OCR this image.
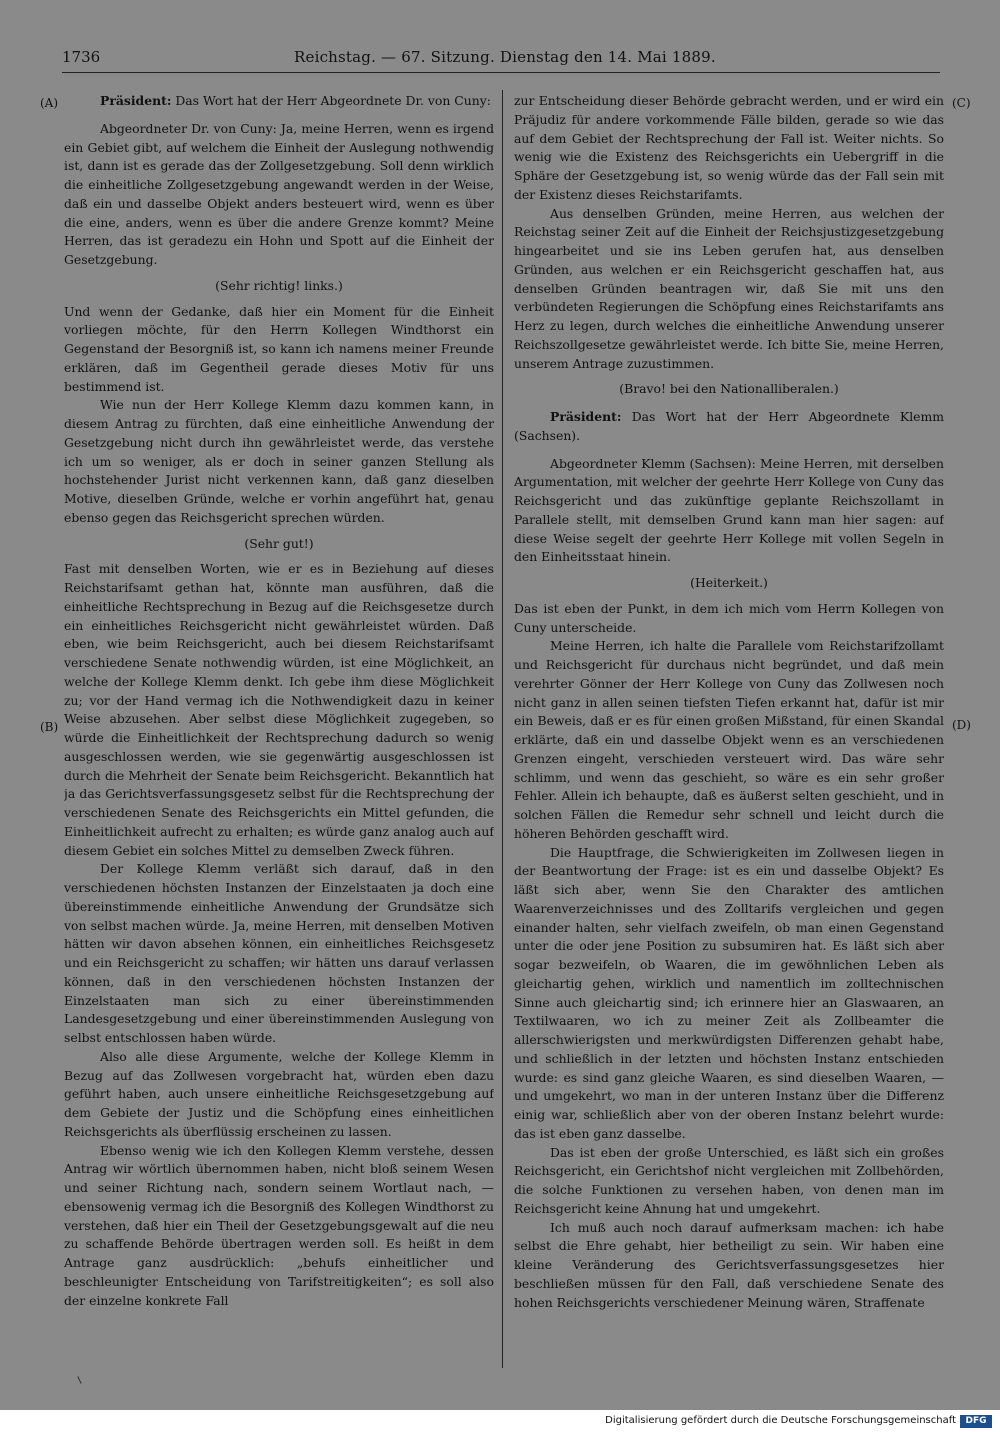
1736	Reichstag. — 67. Sitzung. Dienstag den 14. Mai 1889.
(A)
(B)
(C)
(D)

Präsident: Das Wort hat der Herr Abgeordnete Dr. von Cuny:

Abgeordneter Dr. von Cuny: Ja, meine Herren, wenn es irgend ein Gebiet gibt, auf welchem die Einheit der Auslegung nothwendig ist, dann ist es gerade das der Zollgesetzgebung. Soll denn wirklich die einheitliche Zollgesetzgebung angewandt werden in der Weise, daß ein und dasselbe Objekt anders besteuert wird, wenn es über die eine, anders, wenn es über die andere Grenze kommt? Meine Herren, das ist geradezu ein Hohn und Spott auf die Einheit der Gesetzgebung.

(Sehr richtig! links.)

Und wenn der Gedanke, daß hier ein Moment für die Einheit vorliegen möchte, für den Herrn Kollegen Windthorst ein Gegenstand der Besorgniß ist, so kann ich namens meiner Freunde erklären, daß im Gegentheil gerade dieses Motiv für uns bestimmend ist.

Wie nun der Herr Kollege Klemm dazu kommen kann, in diesem Antrag zu fürchten, daß eine einheitliche Anwendung der Gesetzgebung nicht durch ihn gewährleistet werde, das verstehe ich um so weniger, als er doch in seiner ganzen Stellung als hochstehender Jurist nicht verkennen kann, daß ganz dieselben Motive, dieselben Gründe, welche er vorhin angeführt hat, genau ebenso gegen das Reichsgericht sprechen würden.

(Sehr gut!)

Fast mit denselben Worten, wie er es in Beziehung auf dieses Reichstarifsamt gethan hat, könnte man ausführen, daß die einheitliche Rechtsprechung in Bezug auf die Reichsgesetze durch ein einheitliches Reichsgericht nicht gewährleistet würden. Daß eben, wie beim Reichsgericht, auch bei diesem Reichstarifsamt verschiedene Senate nothwendig würden, ist eine Möglichkeit, an welche der Kollege Klemm denkt. Ich gebe ihm diese Möglichkeit zu; vor der Hand vermag ich die Nothwendigkeit dazu in keiner Weise abzusehen. Aber selbst diese Möglichkeit zugegeben, so würde die Einheitlichkeit der Rechtsprechung dadurch so wenig ausgeschlossen werden, wie sie gegenwärtig ausgeschlossen ist durch die Mehrheit der Senate beim Reichsgericht. Bekanntlich hat ja das Gerichtsverfassungsgesetz selbst für die Rechtsprechung der verschiedenen Senate des Reichsgerichts ein Mittel gefunden, die Einheitlichkeit aufrecht zu erhalten; es würde ganz analog auch auf diesem Gebiet ein solches Mittel zu demselben Zweck führen.

Der Kollege Klemm verläßt sich darauf, daß in den verschiedenen höchsten Instanzen der Einzelstaaten ja doch eine übereinstimmende einheitliche Anwendung der Grundsätze sich von selbst machen würde. Ja, meine Herren, mit denselben Motiven hätten wir davon absehen können, ein einheitliches Reichsgesetz und ein Reichsgericht zu schaffen; wir hätten uns darauf verlassen können, daß in den verschiedenen höchsten Instanzen der Einzelstaaten man sich zu einer übereinstimmenden Landesgesetzgebung und einer übereinstimmenden Auslegung von selbst entschlossen haben würde.

Also alle diese Argumente, welche der Kollege Klemm in Bezug auf das Zollwesen vorgebracht hat, würden eben dazu geführt haben, auch unsere einheitliche Reichsgesetzgebung auf dem Gebiete der Justiz und die Schöpfung eines einheitlichen Reichsgerichts als überflüssig erscheinen zu lassen.

Ebenso wenig wie ich den Kollegen Klemm verstehe, dessen Antrag wir wörtlich übernommen haben, nicht bloß seinem Wesen und seiner Richtung nach, sondern seinem Wortlaut nach, — ebensowenig vermag ich die Besorgniß des Kollegen Windthorst zu verstehen, daß hier ein Theil der Gesetzgebungsgewalt auf die neu zu schaffende Behörde übertragen werden soll. Es heißt in dem Antrage ganz ausdrücklich: „behufs einheitlicher und beschleunigter Entscheidung von Tarifstreitigkeiten“; es soll also der einzelne konkrete Fall

zur Entscheidung dieser Behörde gebracht werden, und er wird ein Präjudiz für andere vorkommende Fälle bilden, gerade so wie das auf dem Gebiet der Rechtsprechung der Fall ist. Weiter nichts. So wenig wie die Existenz des Reichsgerichts ein Uebergriff in die Sphäre der Gesetzgebung ist, so wenig würde das der Fall sein mit der Existenz dieses Reichstarifamts.

Aus denselben Gründen, meine Herren, aus welchen der Reichstag seiner Zeit auf die Einheit der Reichsjustizgesetzgebung hingearbeitet und sie ins Leben gerufen hat, aus denselben Gründen, aus welchen er ein Reichsgericht geschaffen hat, aus denselben Gründen beantragen wir, daß Sie mit uns den verbündeten Regierungen die Schöpfung eines Reichstarifamts ans Herz zu legen, durch welches die einheitliche Anwendung unserer Reichszollgesetze gewährleistet werde. Ich bitte Sie, meine Herren, unserem Antrage zuzustimmen.

(Bravo! bei den Nationalliberalen.)

Präsident: Das Wort hat der Herr Abgeordnete Klemm (Sachsen).

Abgeordneter Klemm (Sachsen): Meine Herren, mit derselben Argumentation, mit welcher der geehrte Herr Kollege von Cuny das Reichsgericht und das zukünftige geplante Reichszollamt in Parallele stellt, mit demselben Grund kann man hier sagen: auf diese Weise segelt der geehrte Herr Kollege mit vollen Segeln in den Einheitsstaat hinein.

(Heiterkeit.)

Das ist eben der Punkt, in dem ich mich vom Herrn Kollegen von Cuny unterscheide.

Meine Herren, ich halte die Parallele vom Reichstarifzollamt und Reichsgericht für durchaus nicht begründet, und daß mein verehrter Gönner der Herr Kollege von Cuny das Zollwesen noch nicht ganz in allen seinen tiefsten Tiefen erkannt hat, dafür ist mir ein Beweis, daß er es für einen großen Mißstand, für einen Skandal erklärte, daß ein und dasselbe Objekt wenn es an verschiedenen Grenzen eingeht, verschieden versteuert wird. Das wäre sehr schlimm, und wenn das geschieht, so wäre es ein sehr großer Fehler. Allein ich behaupte, daß es äußerst selten geschieht, und in solchen Fällen die Remedur sehr schnell und leicht durch die höheren Behörden geschafft wird.

Die Hauptfrage, die Schwierigkeiten im Zollwesen liegen in der Beantwortung der Frage: ist es ein und dasselbe Objekt? Es läßt sich aber, wenn Sie den Charakter des amtlichen Waarenverzeichnisses und des Zolltarifs vergleichen und gegen einander halten, sehr vielfach zweifeln, ob man einen Gegenstand unter die oder jene Position zu subsumiren hat. Es läßt sich aber sogar bezweifeln, ob Waaren, die im gewöhnlichen Leben als gleichartig gehen, wirklich und namentlich im zolltechnischen Sinne auch gleichartig sind; ich erinnere hier an Glaswaaren, an Textilwaaren, wo ich zu meiner Zeit als Zollbeamter die allerschwierigsten und merkwürdigsten Differenzen gehabt habe, und schließlich in der letzten und höchsten Instanz entschieden wurde: es sind ganz gleiche Waaren, es sind dieselben Waaren, — und umgekehrt, wo man in der unteren Instanz über die Differenz einig war, schließlich aber von der oberen Instanz belehrt wurde: das ist eben ganz dasselbe.

Das ist eben der große Unterschied, es läßt sich ein großes Reichsgericht, ein Gerichtshof nicht vergleichen mit Zollbehörden, die solche Funktionen zu versehen haben, von denen man im Reichsgericht keine Ahnung hat und umgekehrt.

Ich muß auch noch darauf aufmerksam machen: ich habe selbst die Ehre gehabt, hier betheiligt zu sein. Wir haben eine kleine Veränderung des Gerichtsverfassungsgesetzes hier beschließen müssen für den Fall, daß verschiedene Senate des hohen Reichsgerichts verschiedener Meinung wären, Straffenate

Digitalisierung gefördert durch die Deutsche Forschungsgemeinschaft	DFG
